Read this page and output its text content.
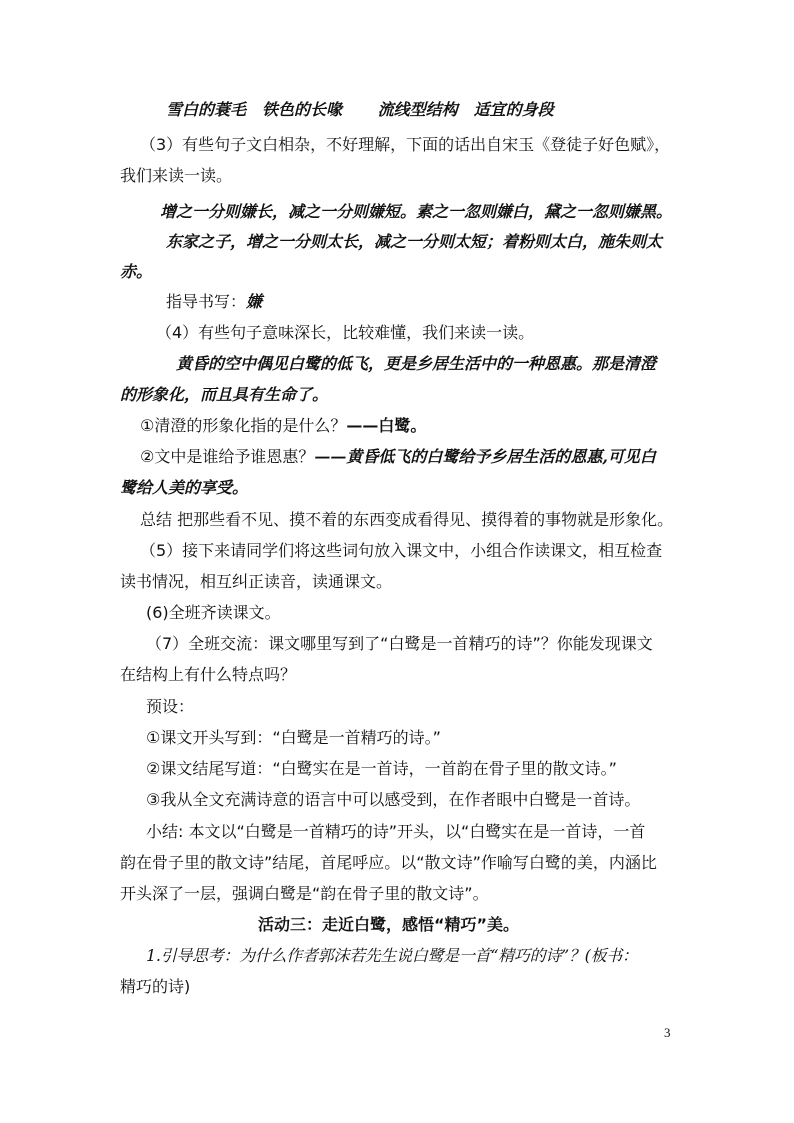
雪白的蓑毛　铁色的长喙　 流线型结构　适宜的身段
（3）有些句子文白相杂，不好理解，下面的话出自宋玉《登徒子好色赋》，
我们来读一读。
增之一分则嫌长，减之一分则嫌短。素之一忽则嫌白，黛之一忽则嫌黑。
东家之子，增之一分则太长，减之一分则太短；着粉则太白，施朱则太
赤。
指导书写：嫌
（4）有些句子意味深长，比较难懂，我们来读一读。
黄昏的空中偶见白鹭的低飞，更是乡居生活中的一种恩惠。那是清澄
的形象化，而且具有生命了。
①清澄的形象化指的是什么？——白鹭。
②文中是谁给予谁恩惠？——黄昏低飞的白鹭给予乡居生活的恩惠,可见白
鹭给人美的享受。
总结 把那些看不见、摸不着的东西变成看得见、摸得着的事物就是形象化。
（5）接下来请同学们将这些词句放入课文中，小组合作读课文，相互检查
读书情况，相互纠正读音，读通课文。
(6)全班齐读课文。
（7）全班交流：课文哪里写到了“白鹭是一首精巧的诗”？你能发现课文
在结构上有什么特点吗？
预设：
①课文开头写到：“白鹭是一首精巧的诗。”
②课文结尾写道：“白鹭实在是一首诗，一首韵在骨子里的散文诗。”
③我从全文充满诗意的语言中可以感受到，在作者眼中白鹭是一首诗。
小结: 本文以“白鹭是一首精巧的诗”开头，以“白鹭实在是一首诗，一首
韵在骨子里的散文诗”结尾，首尾呼应。以“散文诗”作喻写白鹭的美，内涵比
开头深了一层，强调白鹭是“韵在骨子里的散文诗”。
活动三：走近白鹭，感悟“精巧”美。
1.引导思考：为什么作者郭沫若先生说白鹭是一首“精巧的诗”？(板书：
精巧的诗)
3
